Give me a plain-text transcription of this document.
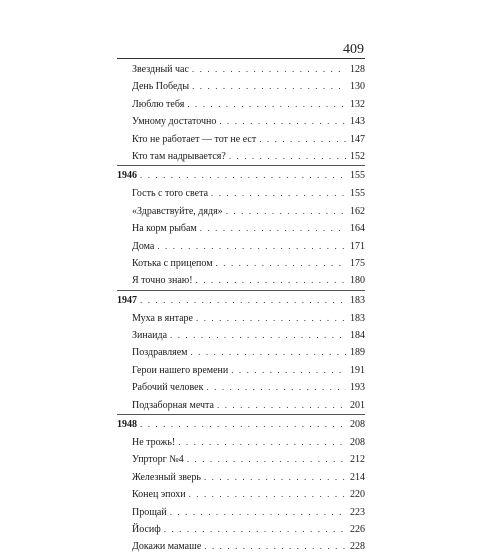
409
Звездный час . . .	128
День Победы . . .	130
Люблю тебя . . .	132
Умному достаточно . . .	143
Кто не работает — тот не ест . . .	147
Кто там надрывается? . . .	152
1946 . . .	155
Гость с того света . . .	155
«Здравствуйте, дядя» . . .	162
На корм рыбам . . .	164
Дома . . .	171
Котька с прицепом . . .	175
Я точно знаю! . . .	180
1947 . . .	183
Муха в янтаре . . .	183
Зинаида . . .	184
Поздравляем . . .	189
Герои нашего времени . . .	191
Рабочий человек . . .	193
Подзаборная мечта . . .	201
1948 . . .	208
Не трожь! . . .	208
Упрторг №4 . . .	212
Железный зверь . . .	214
Конец эпохи . . .	220
Прощай . . .	223
Йосиф . . .	226
Докажи мамаше . . .	228
